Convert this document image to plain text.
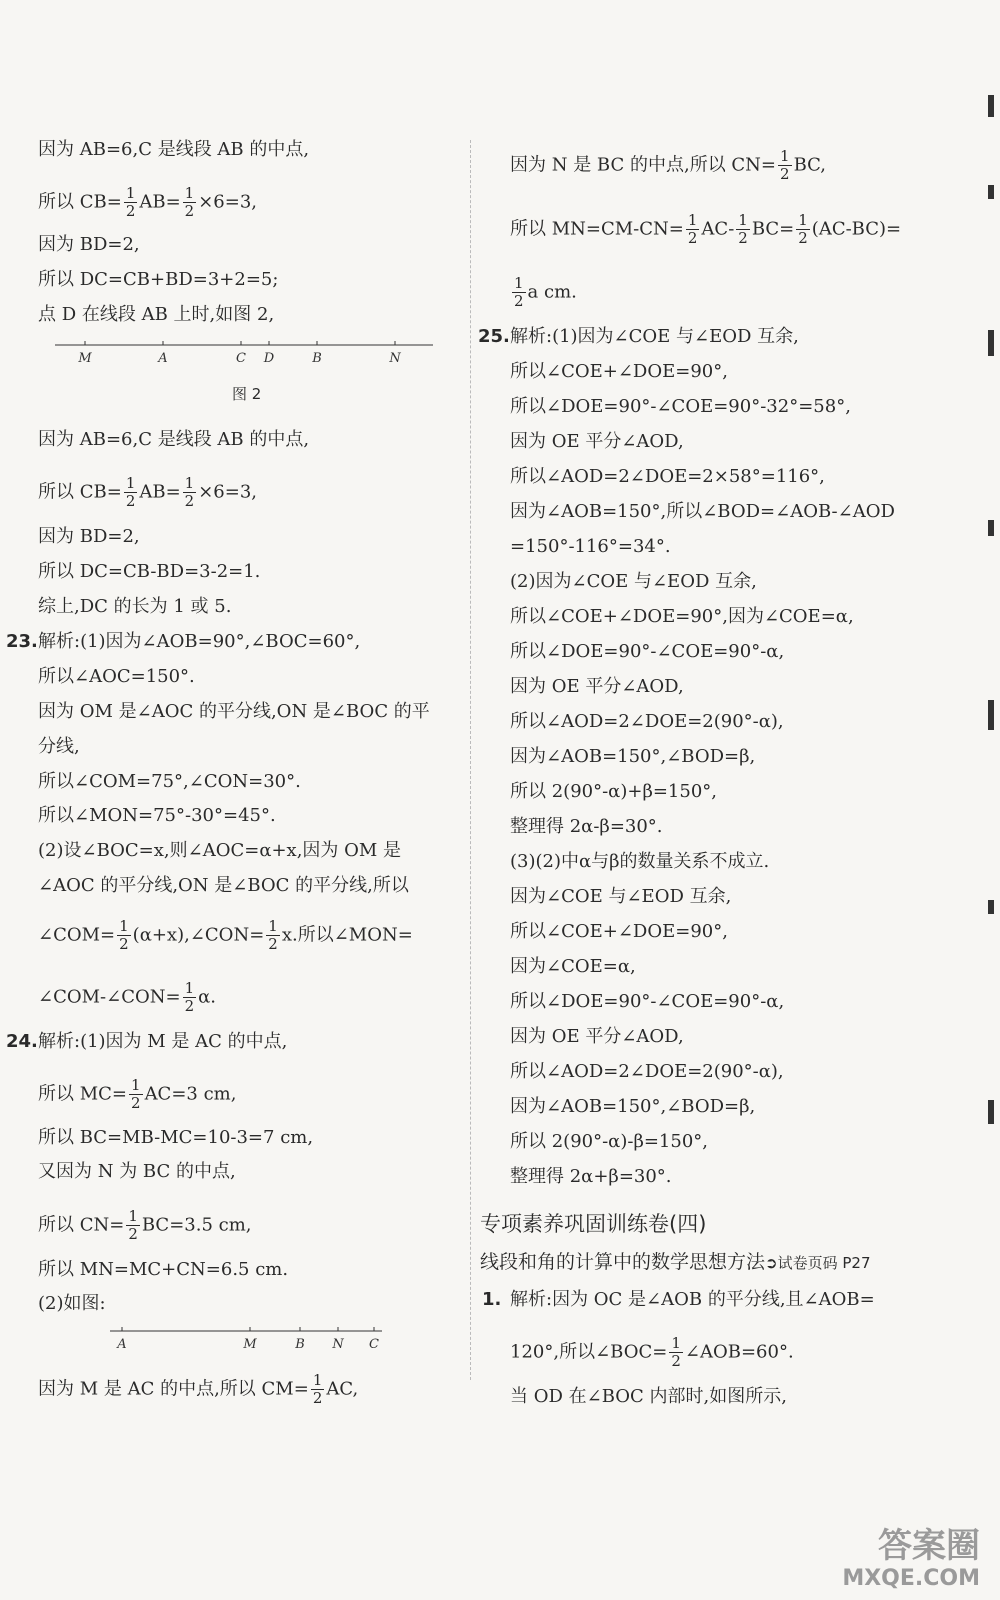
因为 AB=6,C 是线段 AB 的中点,
所以 $CB= \frac{1}{2} AB= \frac{1}{2} \times 6=3$,
因为 BD=2,
所以 DC=CB+BD=3+2=5;
点 D 在线段 AB 上时,如图 2,
M	A	C D	B	N
图 2
因为 AB=6,C 是线段 AB 的中点,
所以 $CB= \frac{1}{2} AB= \frac{1}{2} \times 6=3$,
因为 BD=2,
所以 DC=CB-BD=3-2=1.
综上,DC 的长为 1 或 5.
23. 解析:(1)因为∠AOB=90°,∠BOC=60°,
所以∠AOC=150°.
因为 OM 是∠AOC 的平分线,ON 是∠BOC 的平
分线,
所以∠COM=75°,∠CON=30°.
所以∠MON=75°-30°=45°.
(2)设∠BOC=x,则∠AOC=α+x,因为 OM 是
∠AOC 的平分线,ON 是∠BOC 的平分线,所以
∠COM= $\frac{1}{2}$ (α+x),∠CON= $\frac{1}{2} x$.所以∠MON=
∠COM-∠CON= $\frac{1}{2} \alpha$.
24. 解析:(1)因为 M 是 AC 的中点,
所以 $MC= \frac{1}{2} AC=3$ cm,
所以 BC=MB-MC=10-3=7 cm,
又因为 N 为 BC 的中点,
所以 $CN= \frac{1}{2} BC=3.5$ cm,
所以 MN=MC+CN=6.5 cm.
(2)如图:
A	M	B N C
因为 M 是 AC 的中点,所以 $CM= \frac{1}{2}$ AC,
因为 N 是 BC 的中点,所以 $CN= \frac{1}{2}$ BC,
所以 $MN=CM-CN= \frac{1}{2} AC- \frac{1}{2} BC= \frac{1}{2} (AC-BC)=$
$\frac{1}{2}$ a cm.
25. 解析:(1)因为∠COE 与∠EOD 互余,
所以∠COE+∠DOE=90°,
所以∠DOE=90°-∠COE=90°-32°=58°,
因为 OE 平分∠AOD,
所以∠AOD=2∠DOE=2×58°=116°,
因为∠AOB=150°,所以∠BOD=∠AOB-∠AOD
=150°-116°=34°.
(2)因为∠COE 与∠EOD 互余,
所以∠COE+∠DOE=90°,因为∠COE=α,
所以∠DOE=90°-∠COE=90°-α,
因为 OE 平分∠AOD,
所以∠AOD=2∠DOE=2(90°-α),
因为∠AOB=150°,∠BOD=β,
所以 2(90°-α)+β=150°,
整理得 2α-β=30°.
(3)(2)中α与β的数量关系不成立.
因为∠COE 与∠EOD 互余,
所以∠COE+∠DOE=90°,
因为∠COE=α,
所以∠DOE=90°-∠COE=90°-α,
因为 OE 平分∠AOD,
所以∠AOD=2∠DOE=2(90°-α),
因为∠AOB=150°,∠BOD=β,
所以 2(90°-α)-β=150°,
整理得 2α+β=30°.
专项素养巩固训练卷(四)
线段和角的计算中的数学思想方法➲试卷页码 P27
1. 解析:因为 OC 是∠AOB 的平分线,且∠AOB=
120°,所以∠BOC= $\frac{1}{2}$ ∠AOB=60°.
当 OD 在∠BOC 内部时,如图所示,
答案圈
MXQE.COM
